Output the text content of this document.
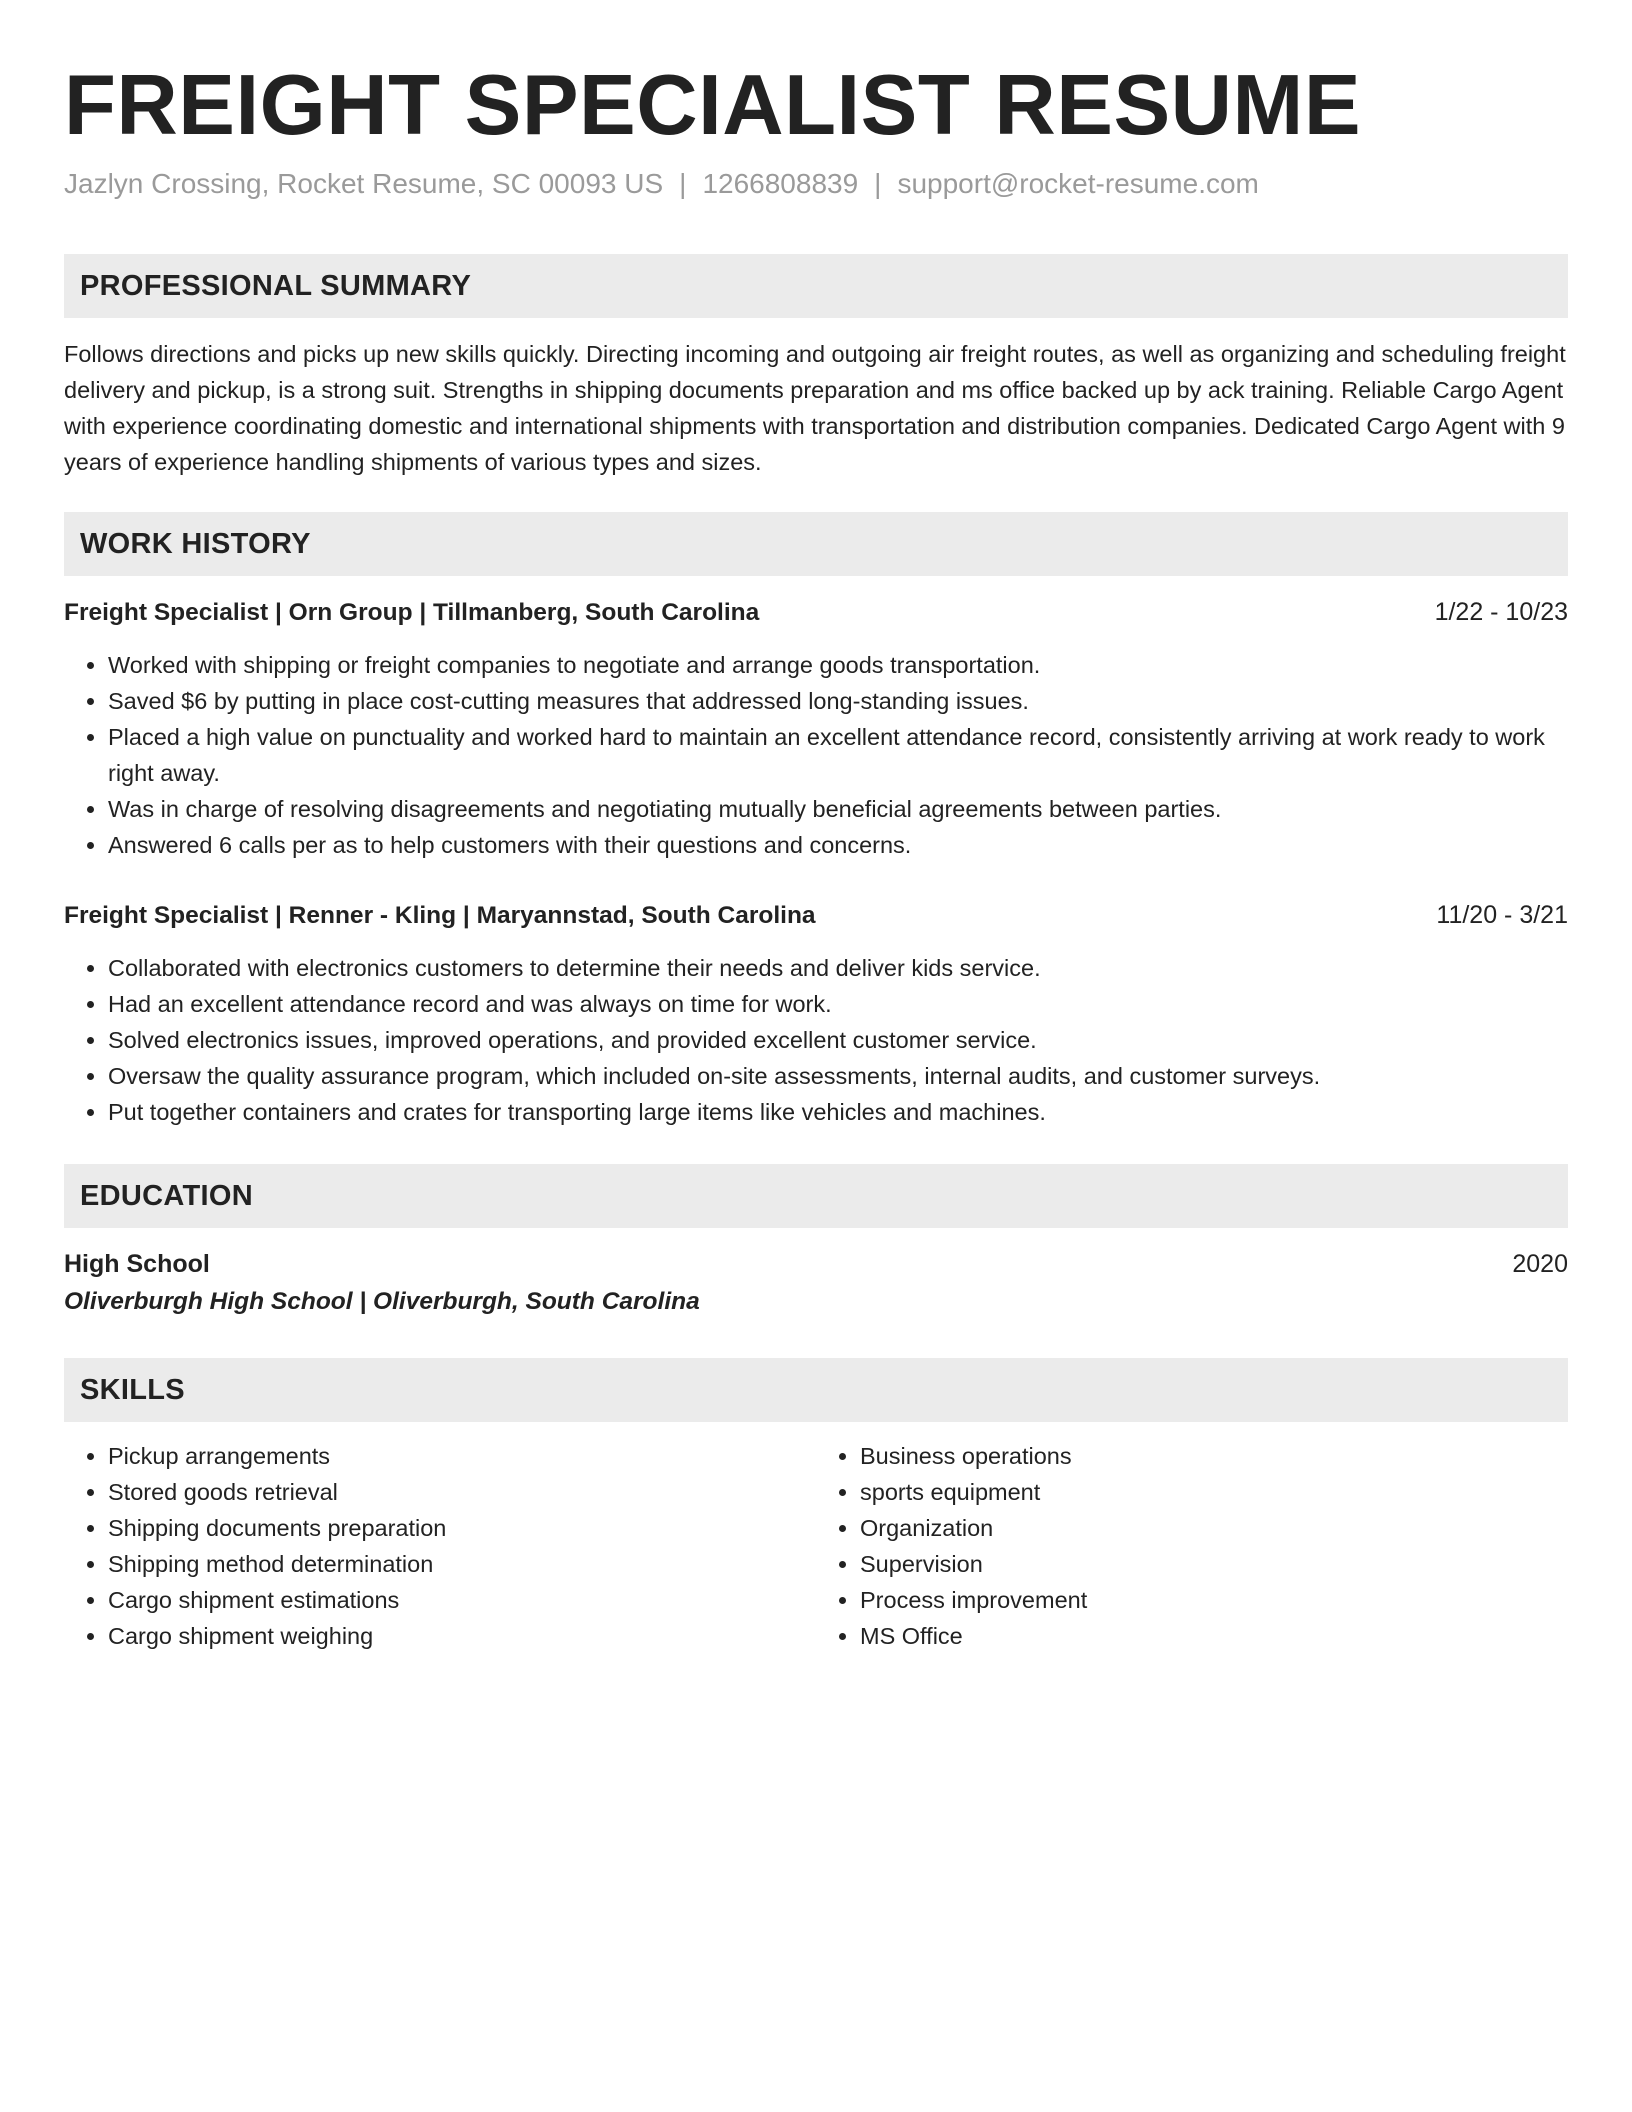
FREIGHT SPECIALIST RESUME
Jazlyn Crossing, Rocket Resume, SC 00093 US | 1266808839 | support@rocket-resume.com
PROFESSIONAL SUMMARY
Follows directions and picks up new skills quickly. Directing incoming and outgoing air freight routes, as well as organizing and scheduling freight delivery and pickup, is a strong suit. Strengths in shipping documents preparation and ms office backed up by ack training. Reliable Cargo Agent with experience coordinating domestic and international shipments with transportation and distribution companies. Dedicated Cargo Agent with 9 years of experience handling shipments of various types and sizes.
WORK HISTORY
Freight Specialist | Orn Group | Tillmanberg, South Carolina	1/22 - 10/23
• Worked with shipping or freight companies to negotiate and arrange goods transportation.
• Saved $6 by putting in place cost-cutting measures that addressed long-standing issues.
• Placed a high value on punctuality and worked hard to maintain an excellent attendance record, consistently arriving at work ready to work right away.
• Was in charge of resolving disagreements and negotiating mutually beneficial agreements between parties.
• Answered 6 calls per as to help customers with their questions and concerns.
Freight Specialist | Renner - Kling | Maryannstad, South Carolina	11/20 - 3/21
• Collaborated with electronics customers to determine their needs and deliver kids service.
• Had an excellent attendance record and was always on time for work.
• Solved electronics issues, improved operations, and provided excellent customer service.
• Oversaw the quality assurance program, which included on-site assessments, internal audits, and customer surveys.
• Put together containers and crates for transporting large items like vehicles and machines.
EDUCATION
High School	2020
Oliverburgh High School | Oliverburgh, South Carolina
SKILLS
• Pickup arrangements
• Stored goods retrieval
• Shipping documents preparation
• Shipping method determination
• Cargo shipment estimations
• Cargo shipment weighing
• Business operations
• sports equipment
• Organization
• Supervision
• Process improvement
• MS Office
